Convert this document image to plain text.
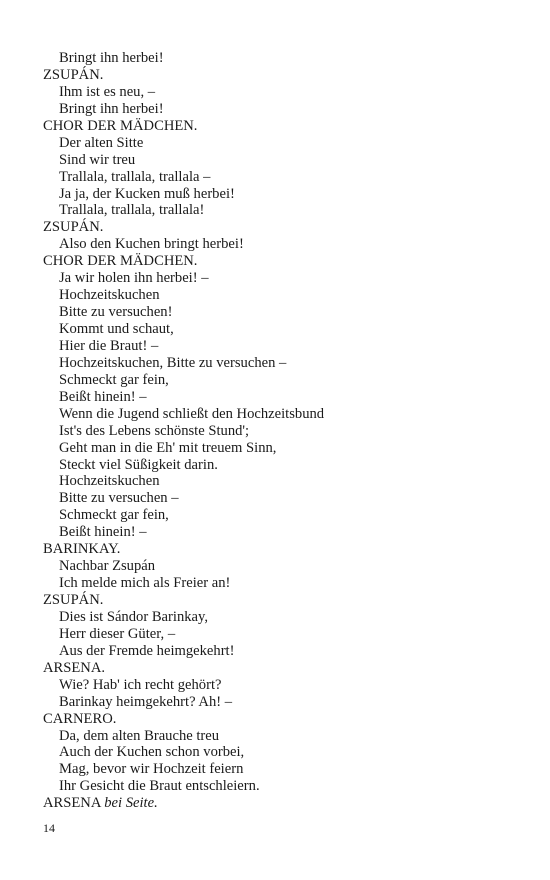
Bringt ihn herbei!
ZSUPÁN.
Ihm ist es neu, –
Bringt ihn herbei!
CHOR DER MÄDCHEN.
Der alten Sitte
Sind wir treu
Trallala, trallala, trallala –
Ja ja, der Kucken muß herbei!
Trallala, trallala, trallala!
ZSUPÁN.
Also den Kuchen bringt herbei!
CHOR DER MÄDCHEN.
Ja wir holen ihn herbei! –
Hochzeitskuchen
Bitte zu versuchen!
Kommt und schaut,
Hier die Braut! –
Hochzeitskuchen, Bitte zu versuchen –
Schmeckt gar fein,
Beißt hinein! –
Wenn die Jugend schließt den Hochzeitsbund
Ist's des Lebens schönste Stund';
Geht man in die Eh' mit treuem Sinn,
Steckt viel Süßigkeit darin.
Hochzeitskuchen
Bitte zu versuchen –
Schmeckt gar fein,
Beißt hinein! –
BARINKAY.
Nachbar Zsupán
Ich melde mich als Freier an!
ZSUPÁN.
Dies ist Sándor Barinkay,
Herr dieser Güter, –
Aus der Fremde heimgekehrt!
ARSENA.
Wie? Hab' ich recht gehört?
Barinkay heimgekehrt? Ah! –
CARNERO.
Da, dem alten Brauche treu
Auch der Kuchen schon vorbei,
Mag, bevor wir Hochzeit feiern
Ihr Gesicht die Braut entschleiern.
ARSENA bei Seite.
14
